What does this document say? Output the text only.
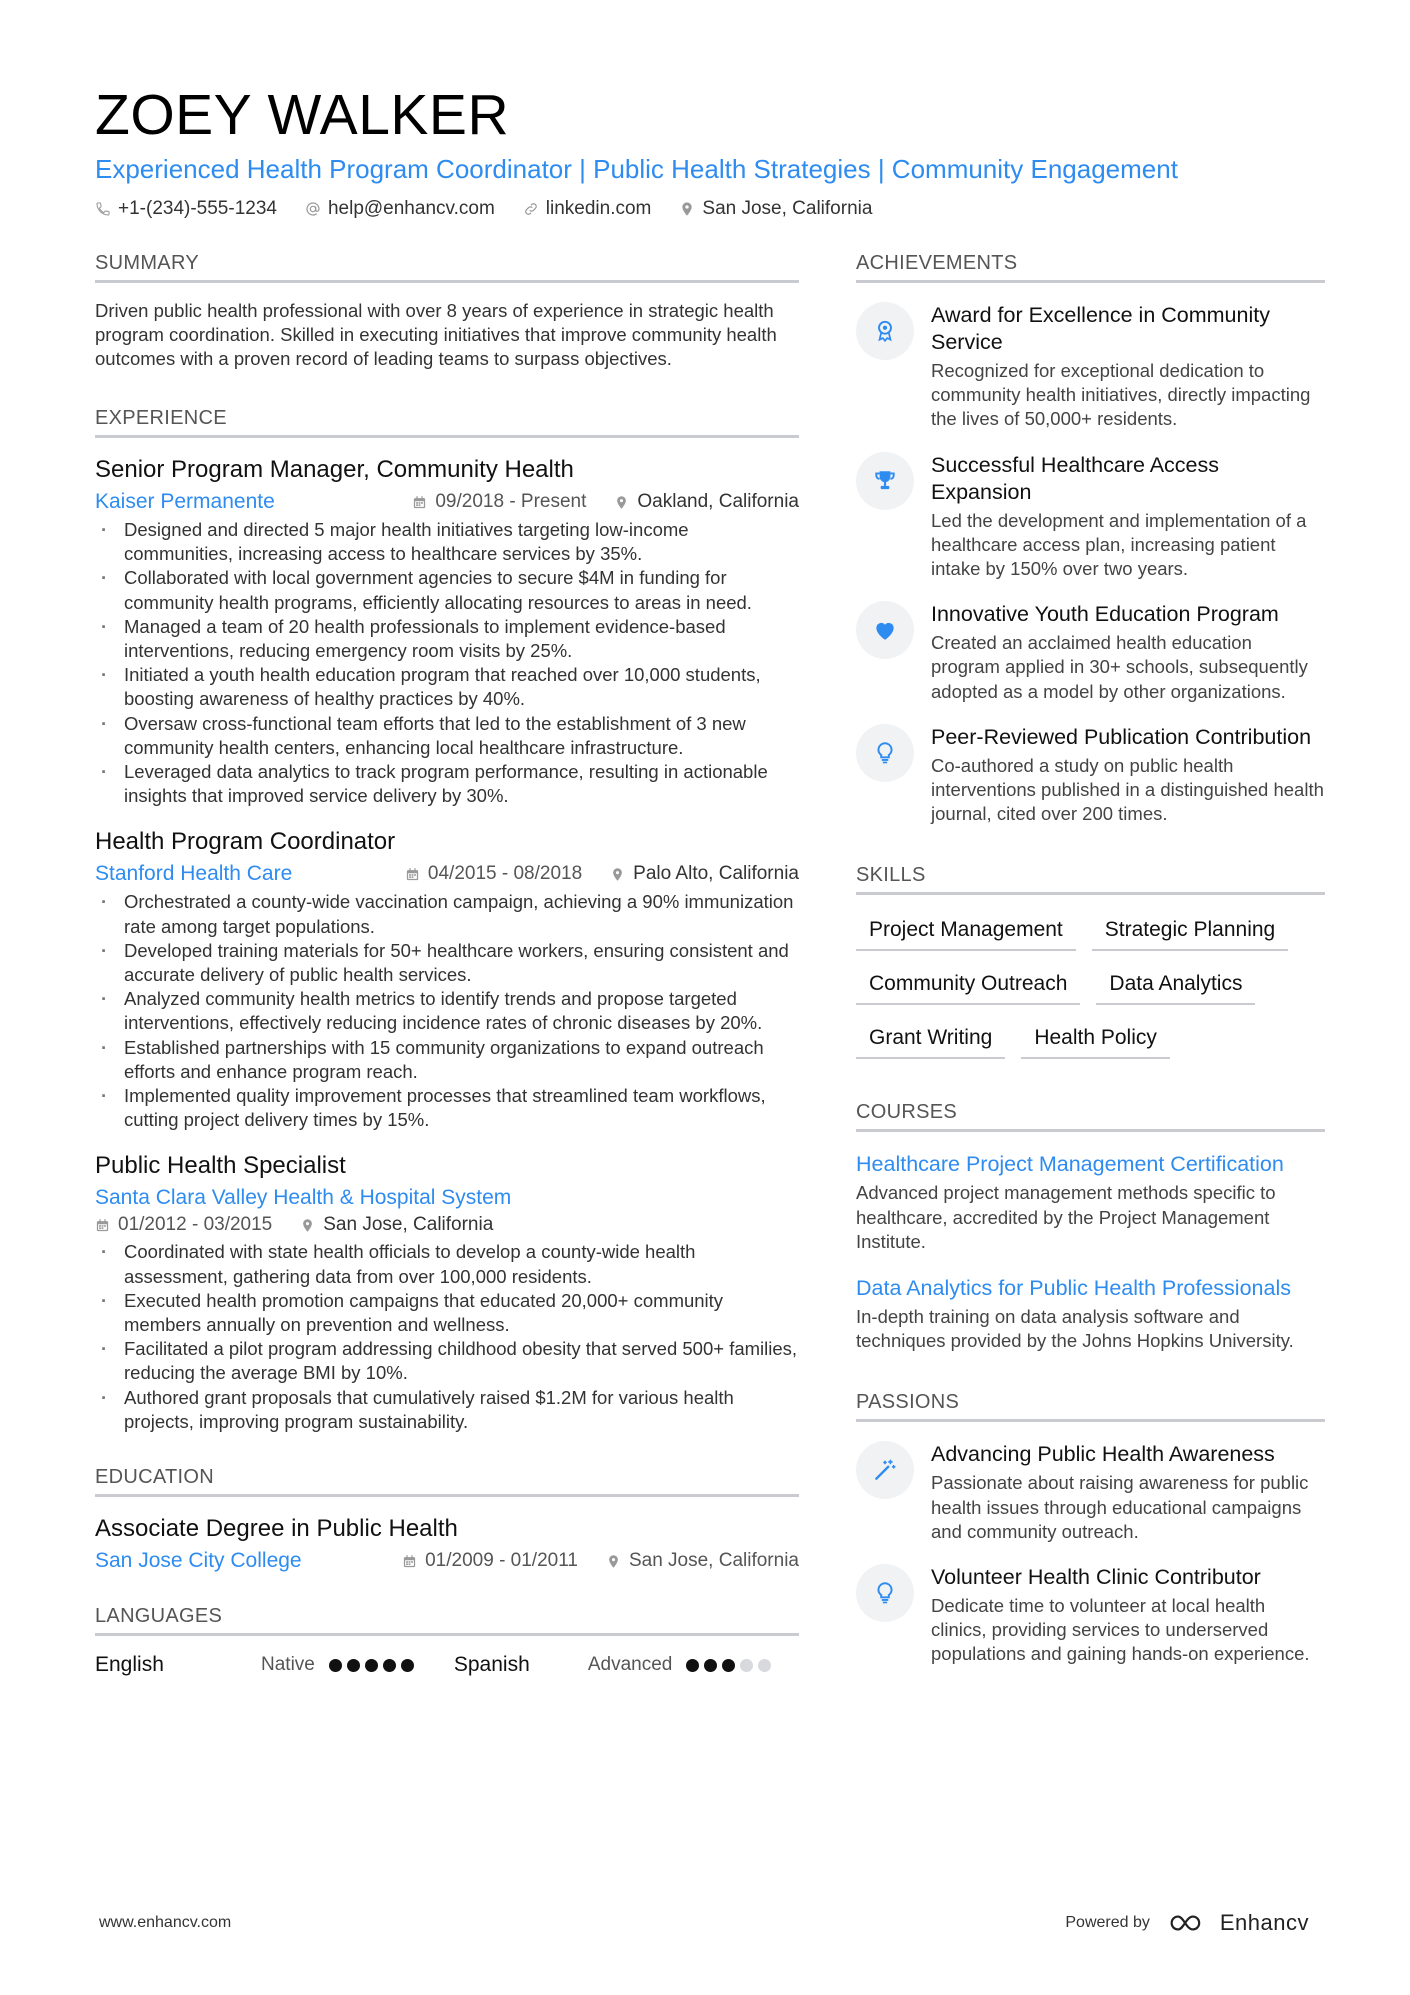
ZOEY WALKER
Experienced Health Program Coordinator | Public Health Strategies | Community Engagement
+1-(234)-555-1234	help@enhancv.com	linkedin.com	San Jose, California
SUMMARY
Driven public health professional with over 8 years of experience in strategic health program coordination. Skilled in executing initiatives that improve community health outcomes with a proven record of leading teams to surpass objectives.
EXPERIENCE
Senior Program Manager, Community Health
Kaiser Permanente	09/2018 - Present	Oakland, California
· Designed and directed 5 major health initiatives targeting low-income communities, increasing access to healthcare services by 35%.
· Collaborated with local government agencies to secure $4M in funding for community health programs, efficiently allocating resources to areas in need.
· Managed a team of 20 health professionals to implement evidence-based interventions, reducing emergency room visits by 25%.
· Initiated a youth health education program that reached over 10,000 students, boosting awareness of healthy practices by 40%.
· Oversaw cross-functional team efforts that led to the establishment of 3 new community health centers, enhancing local healthcare infrastructure.
· Leveraged data analytics to track program performance, resulting in actionable insights that improved service delivery by 30%.
Health Program Coordinator
Stanford Health Care	04/2015 - 08/2018	Palo Alto, California
· Orchestrated a county-wide vaccination campaign, achieving a 90% immunization rate among target populations.
· Developed training materials for 50+ healthcare workers, ensuring consistent and accurate delivery of public health services.
· Analyzed community health metrics to identify trends and propose targeted interventions, effectively reducing incidence rates of chronic diseases by 20%.
· Established partnerships with 15 community organizations to expand outreach efforts and enhance program reach.
· Implemented quality improvement processes that streamlined team workflows, cutting project delivery times by 15%.
Public Health Specialist
Santa Clara Valley Health & Hospital System
01/2012 - 03/2015	San Jose, California
· Coordinated with state health officials to develop a county-wide health assessment, gathering data from over 100,000 residents.
· Executed health promotion campaigns that educated 20,000+ community members annually on prevention and wellness.
· Facilitated a pilot program addressing childhood obesity that served 500+ families, reducing the average BMI by 10%.
· Authored grant proposals that cumulatively raised $1.2M for various health projects, improving program sustainability.
EDUCATION
Associate Degree in Public Health
San Jose City College	01/2009 - 01/2011	San Jose, California
LANGUAGES
English	Native	Spanish	Advanced
ACHIEVEMENTS
Award for Excellence in Community Service
Recognized for exceptional dedication to community health initiatives, directly impacting the lives of 50,000+ residents.
Successful Healthcare Access Expansion
Led the development and implementation of a healthcare access plan, increasing patient intake by 150% over two years.
Innovative Youth Education Program
Created an acclaimed health education program applied in 30+ schools, subsequently adopted as a model by other organizations.
Peer-Reviewed Publication Contribution
Co-authored a study on public health interventions published in a distinguished health journal, cited over 200 times.
SKILLS
Project Management	Strategic Planning
Community Outreach	Data Analytics
Grant Writing	Health Policy
COURSES
Healthcare Project Management Certification
Advanced project management methods specific to healthcare, accredited by the Project Management Institute.
Data Analytics for Public Health Professionals
In-depth training on data analysis software and techniques provided by the Johns Hopkins University.
PASSIONS
Advancing Public Health Awareness
Passionate about raising awareness for public health issues through educational campaigns and community outreach.
Volunteer Health Clinic Contributor
Dedicate time to volunteer at local health clinics, providing services to underserved populations and gaining hands-on experience.
www.enhancv.com	Powered by	Enhancv
